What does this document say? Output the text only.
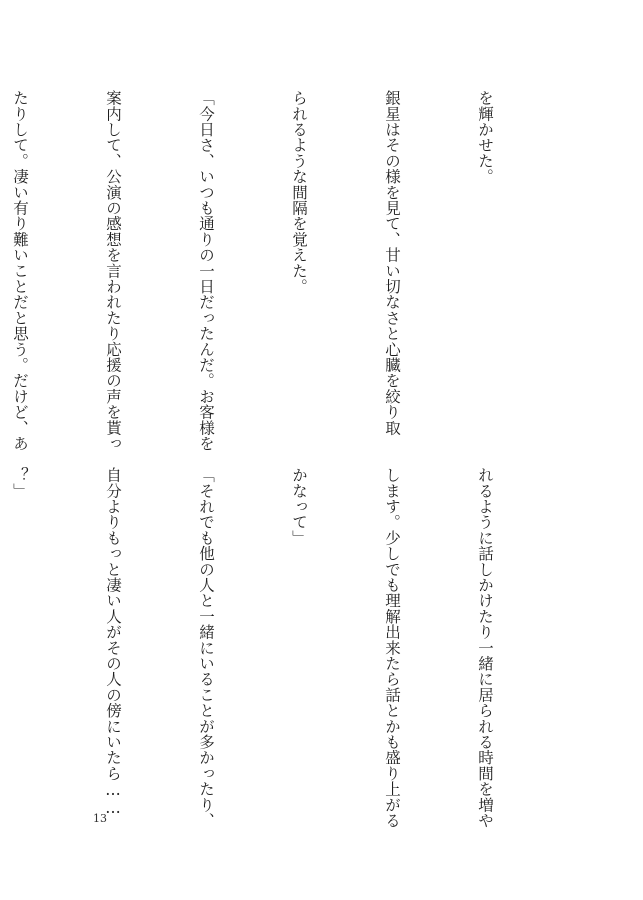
を輝かせた。

銀星はその様を見て、甘い切なさと心臓を絞り取

られるような間隔を覚えた。

「今日さ、いつも通りの一日だったんだ。お客様を

案内して、公演の感想を言われたり応援の声を貰っ

たりして。凄い有り難いことだと思う。だけど、あ

れるように話しかけたり一緒に居られる時間を増や

します。少しでも理解出来たら話とかも盛り上がる

かなって」

「それでも他の人と一緒にいることが多かったり、

自分よりもっと凄い人がその人の傍にいたら……

？」

13
